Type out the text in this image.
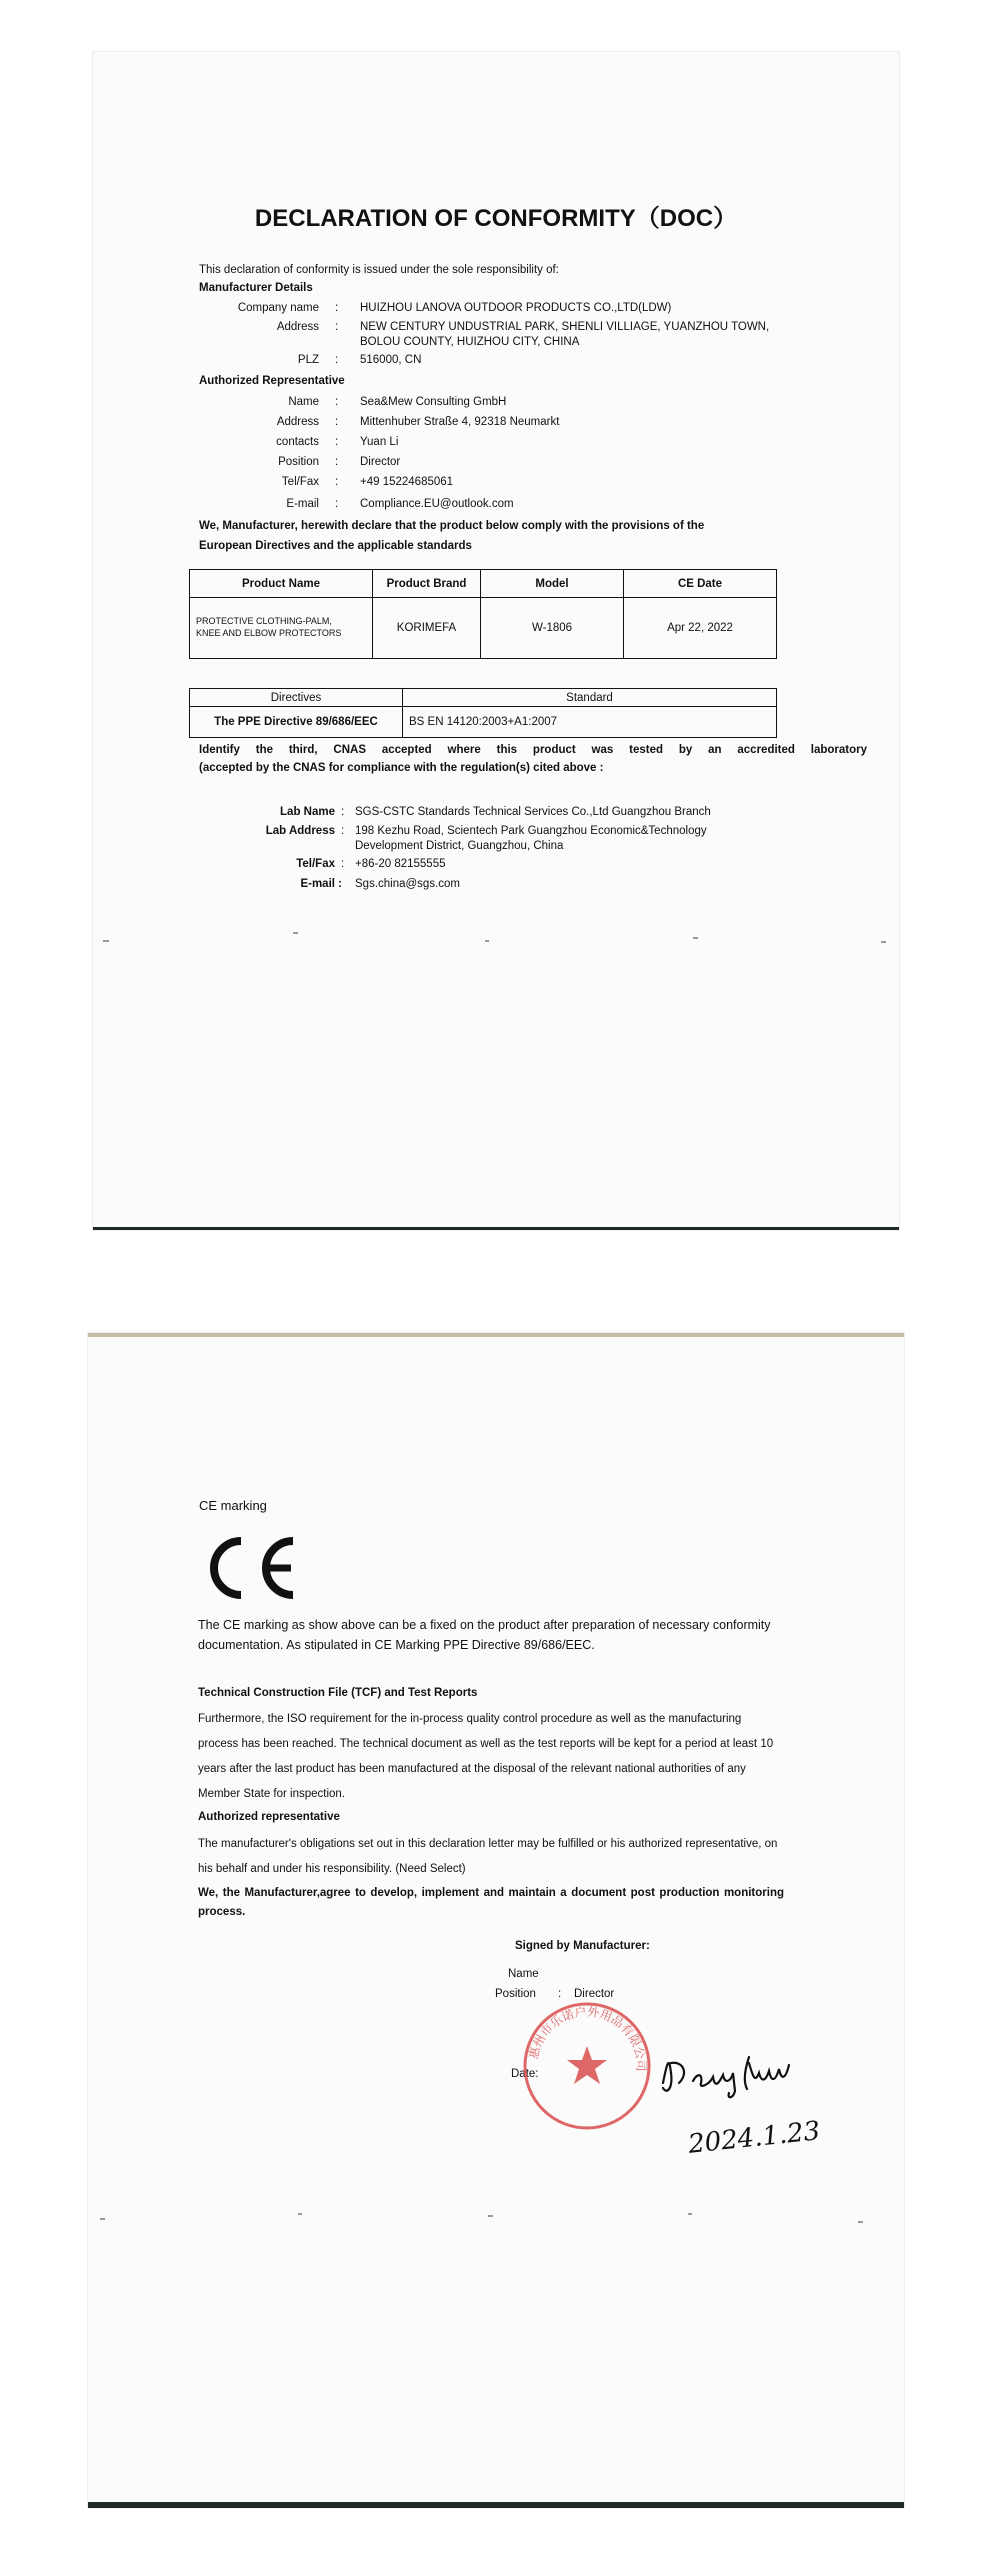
DECLARATION OF CONFORMITY（DOC）
This declaration of conformity is issued under the sole responsibility of:
Manufacturer Details
Company name : HUIZHOU LANOVA OUTDOOR PRODUCTS CO.,LTD(LDW)
Address : NEW CENTURY UNDUSTRIAL PARK, SHENLI VILLIAGE, YUANZHOU TOWN,
BOLOU COUNTY, HUIZHOU CITY, CHINA
PLZ : 516000, CN
Authorized Representative
Name : Sea&Mew Consulting GmbH
Address : Mittenhuber Straße 4, 92318 Neumarkt
contacts : Yuan Li
Position : Director
Tel/Fax : +49 15224685061
E-mail : Compliance.EU@outlook.com
We, Manufacturer, herewith declare that the product below comply with the provisions of the
European Directives and the applicable standards
Product Name	Product Brand	Model	CE Date
PROTECTIVE CLOTHING-PALM,
KNEE AND ELBOW PROTECTORS	KORIMEFA	W-1806	Apr 22, 2022
Directives	Standard
The PPE Directive 89/686/EEC	BS EN 14120:2003+A1:2007
Identify the third, CNAS accepted where this product was tested by an accredited laboratory
(accepted by the CNAS for compliance with the regulation(s) cited above :
Lab Name : SGS-CSTC Standards Technical Services Co.,Ltd Guangzhou Branch
Lab Address : 198 Kezhu Road, Scientech Park Guangzhou Economic&Technology
Development District, Guangzhou, China
Tel/Fax : +86-20 82155555
E-mail : Sgs.china@sgs.com
CE marking
CE
The CE marking as show above can be a fixed on the product after preparation of necessary conformity documentation. As stipulated in CE Marking PPE Directive 89/686/EEC.
Technical Construction File (TCF) and Test Reports
Furthermore, the ISO requirement for the in-process quality control procedure as well as the manufacturing process has been reached. The technical document as well as the test reports will be kept for a period at least 10 years after the last product has been manufactured at the disposal of the relevant national authorities of any Member State for inspection.
Authorized representative
The manufacturer's obligations set out in this declaration letter may be fulfilled or his authorized representative, on his behalf and under his responsibility. (Need Select)
We, the Manufacturer,agree to develop, implement and maintain a document post production monitoring process.
Signed by Manufacturer:
Name
Position : Director
Date:
惠州市乐诺户外用品有限公司
2024.1.23
